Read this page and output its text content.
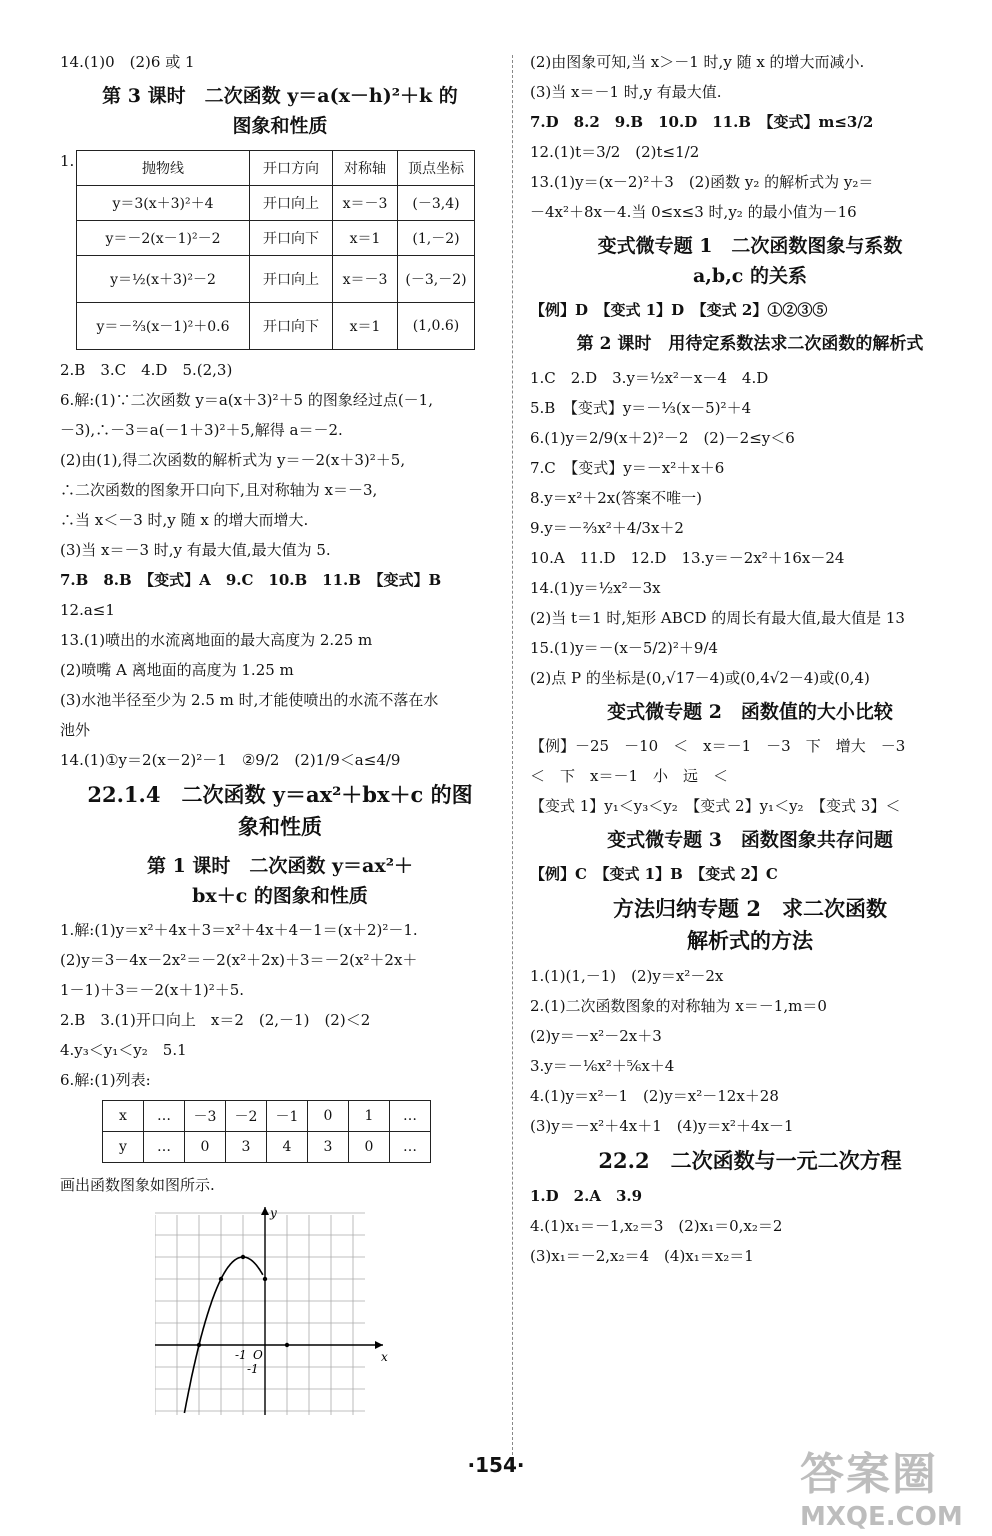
14.(1)0　(2)6 或 1
第 3 课时　二次函数 y＝a(x－h)²＋k 的
图象和性质
1.	抛物线	开口方向	对称轴	顶点坐标
y＝3(x＋3)²＋4	开口向上	x＝－3	(－3,4)
y＝－2(x－1)²－2	开口向下	x＝1	(1,－2)
y＝½(x＋3)²－2	开口向上	x＝－3	(－3,－2)
y＝－⅔(x－1)²＋0.6	开口向下	x＝1	(1,0.6)
2.B　3.C　4.D　5.(2,3)
6.解:(1)∵二次函数 y＝a(x＋3)²＋5 的图象经过点(－1,
－3),∴－3＝a(－1＋3)²＋5,解得 a＝－2.
(2)由(1),得二次函数的解析式为 y＝－2(x＋3)²＋5,
∴二次函数的图象开口向下,且对称轴为 x＝－3,
∴当 x＜－3 时,y 随 x 的增大而增大.
(3)当 x＝－3 时,y 有最大值,最大值为 5.
7.B　8.B　【变式】A　9.C　10.B　11.B　【变式】B
12.a≤1
13.(1)喷出的水流离地面的最大高度为 2.25 m
(2)喷嘴 A 离地面的高度为 1.25 m
(3)水池半径至少为 2.5 m 时,才能使喷出的水流不落在水
池外
14.(1)①y＝2(x－2)²－1　②9/2　(2)1/9＜a≤4/9
22.1.4　二次函数 y＝ax²＋bx＋c 的图
象和性质
第 1 课时　二次函数 y＝ax²＋
bx＋c 的图象和性质
1.解:(1)y＝x²＋4x＋3＝x²＋4x＋4－1＝(x＋2)²－1.
(2)y＝3－4x－2x²＝－2(x²＋2x)＋3＝－2(x²＋2x＋
1－1)＋3＝－2(x＋1)²＋5.
2.B　3.(1)开口向上　x＝2　(2,－1)　(2)＜2
4.y₃＜y₁＜y₂　5.1
6.解:(1)列表:
x	…	－3	－2	－1	0	1	…
y	…	0	3	4	3	0	…
画出函数图象如图所示.
x
y
O
-1
-1
(2)由图象可知,当 x＞－1 时,y 随 x 的增大而减小.
(3)当 x＝－1 时,y 有最大值.
7.D　8.2　9.B　10.D　11.B　【变式】m≤3/2
12.(1)t＝3/2　(2)t≤1/2
13.(1)y＝(x－2)²＋3　(2)函数 y₂ 的解析式为 y₂＝
－4x²＋8x－4.当 0≤x≤3 时,y₂ 的最小值为－16
变式微专题 1　二次函数图象与系数
a,b,c 的关系
【例】D　【变式 1】D　【变式 2】①②③⑤
第 2 课时　用待定系数法求二次函数的解析式
1.C　2.D　3.y＝½x²－x－4　4.D
5.B　【变式】y＝－⅓(x－5)²＋4
6.(1)y＝2/9(x＋2)²－2　(2)－2≤y＜6
7.C　【变式】y＝－x²＋x＋6
8.y＝x²＋2x(答案不唯一)
9.y＝－⅔x²＋4/3x＋2
10.A　11.D　12.D　13.y＝－2x²＋16x－24
14.(1)y＝½x²－3x
(2)当 t＝1 时,矩形 ABCD 的周长有最大值,最大值是 13
15.(1)y＝－(x－5/2)²＋9/4
(2)点 P 的坐标是(0,√17－4)或(0,4√2－4)或(0,4)
变式微专题 2　函数值的大小比较
【例】－25　－10　＜　x＝－1　－3　下　增大　－3
＜　下　x＝－1　小　远　＜
【变式 1】y₁＜y₃＜y₂　【变式 2】y₁＜y₂　【变式 3】＜
变式微专题 3　函数图象共存问题
【例】C　【变式 1】B　【变式 2】C
方法归纳专题 2　求二次函数
解析式的方法
1.(1)(1,－1)　(2)y＝x²－2x
2.(1)二次函数图象的对称轴为 x＝－1,m＝0
(2)y＝－x²－2x＋3
3.y＝－⅙x²＋⅚x＋4
4.(1)y＝x²－1　(2)y＝x²－12x＋28
(3)y＝－x²＋4x＋1　(4)y＝x²＋4x－1
22.2　二次函数与一元二次方程
1.D　2.A　3.9
4.(1)x₁＝－1,x₂＝3　(2)x₁＝0,x₂＝2
(3)x₁＝－2,x₂＝4　(4)x₁＝x₂＝1
·154·	答案圈
MXQE.COM
